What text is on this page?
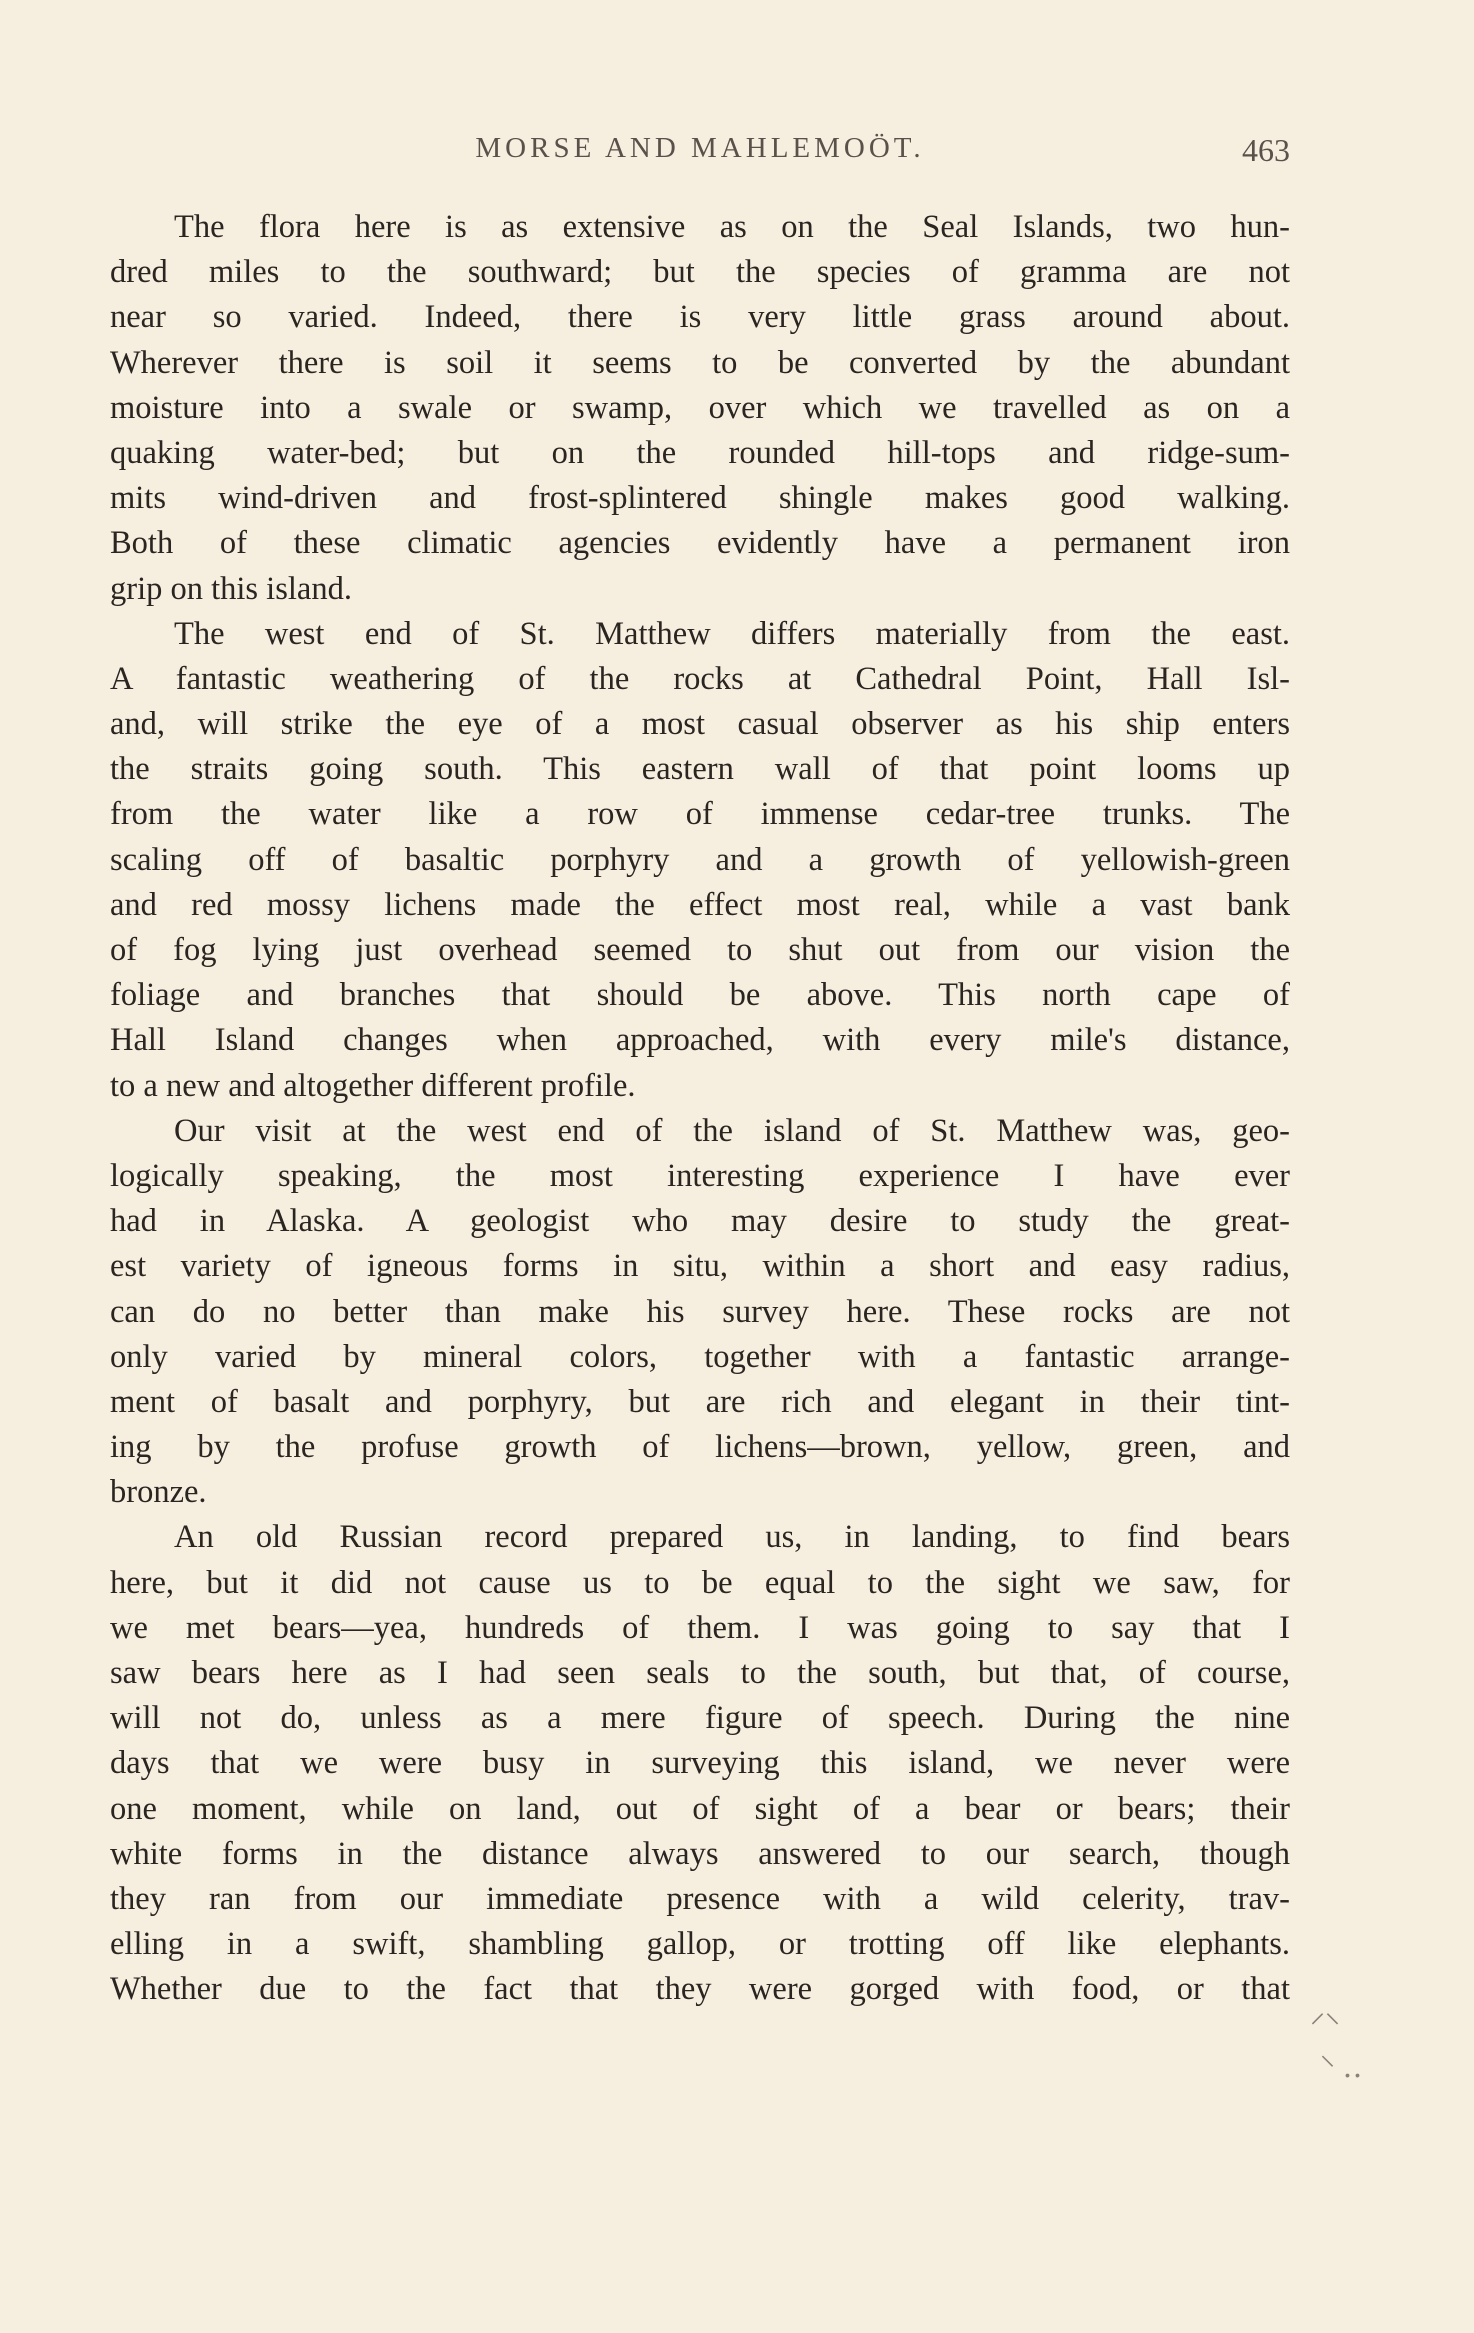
MORSE AND MAHLEMOÖT.	463
The flora here is as extensive as on the Seal Islands, two hun-
dred miles to the southward; but the species of gramma are not
near so varied. Indeed, there is very little grass around about.
Wherever there is soil it seems to be converted by the abundant
moisture into a swale or swamp, over which we travelled as on a
quaking water-bed; but on the rounded hill-tops and ridge-sum-
mits wind-driven and frost-splintered shingle makes good walking.
Both of these climatic agencies evidently have a permanent iron
grip on this island.
The west end of St. Matthew differs materially from the east.
A fantastic weathering of the rocks at Cathedral Point, Hall Isl-
and, will strike the eye of a most casual observer as his ship enters
the straits going south. This eastern wall of that point looms up
from the water like a row of immense cedar-tree trunks. The
scaling off of basaltic porphyry and a growth of yellowish-green
and red mossy lichens made the effect most real, while a vast bank
of fog lying just overhead seemed to shut out from our vision the
foliage and branches that should be above. This north cape of
Hall Island changes when approached, with every mile's distance,
to a new and altogether different profile.
Our visit at the west end of the island of St. Matthew was, geo-
logically speaking, the most interesting experience I have ever
had in Alaska. A geologist who may desire to study the great-
est variety of igneous forms in situ, within a short and easy radius,
can do no better than make his survey here. These rocks are not
only varied by mineral colors, together with a fantastic arrange-
ment of basalt and porphyry, but are rich and elegant in their tint-
ing by the profuse growth of lichens—brown, yellow, green, and
bronze.
An old Russian record prepared us, in landing, to find bears
here, but it did not cause us to be equal to the sight we saw, for
we met bears—yea, hundreds of them. I was going to say that I
saw bears here as I had seen seals to the south, but that, of course,
will not do, unless as a mere figure of speech. During the nine
days that we were busy in surveying this island, we never were
one moment, while on land, out of sight of a bear or bears; their
white forms in the distance always answered to our search, though
they ran from our immediate presence with a wild celerity, trav-
elling in a swift, shambling gallop, or trotting off like elephants.
Whether due to the fact that they were gorged with food, or that
⸝⸜
⸌ ‥
